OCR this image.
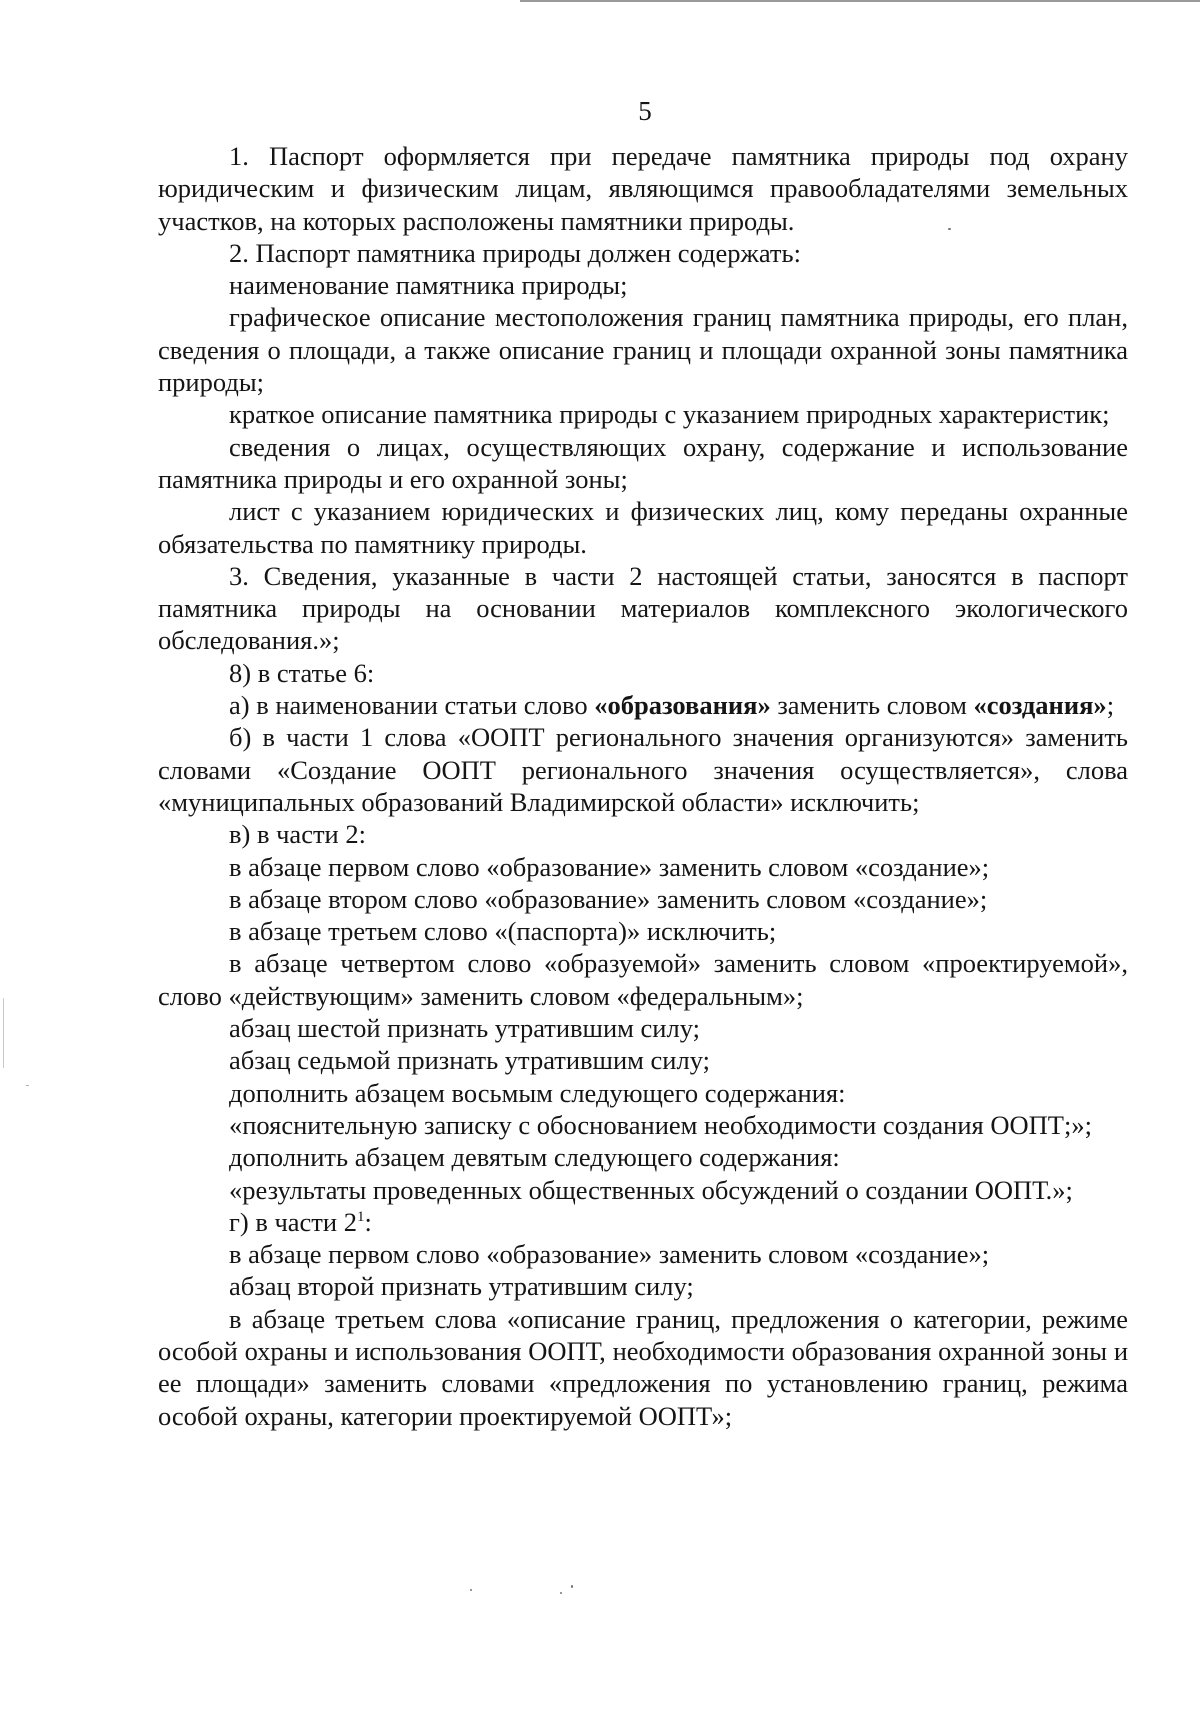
5

1. Паспорт оформляется при передаче памятника природы под охрану юридическим и физическим лицам, являющимся правообладателями земельных участков, на которых расположены памятники природы.

2. Паспорт памятника природы должен содержать:

наименование памятника природы;

графическое описание местоположения границ памятника природы, его план, сведения о площади, а также описание границ и площади охранной зоны памятника природы;

краткое описание памятника природы с указанием природных характеристик;

сведения о лицах, осуществляющих охрану, содержание и использование памятника природы и его охранной зоны;

лист с указанием юридических и физических лиц, кому переданы охранные обязательства по памятнику природы.

3. Сведения, указанные в части 2 настоящей статьи, заносятся в паспорт памятника природы на основании материалов комплексного экологического обследования.»;

8) в статье 6:

а) в наименовании статьи слово «образования» заменить словом «создания»;

б) в части 1 слова «ООПТ регионального значения организуются» заменить словами «Создание ООПТ регионального значения осуществляется», слова «муниципальных образований Владимирской области» исключить;

в) в части 2:

в абзаце первом слово «образование» заменить словом «создание»;

в абзаце втором слово «образование» заменить словом «создание»;

в абзаце третьем слово «(паспорта)» исключить;

в абзаце четвертом слово «образуемой» заменить словом «проектируемой», слово «действующим» заменить словом «федеральным»;

абзац шестой признать утратившим силу;

абзац седьмой признать утратившим силу;

дополнить абзацем восьмым следующего содержания:

«пояснительную записку с обоснованием необходимости создания ООПТ;»;

дополнить абзацем девятым следующего содержания:

«результаты проведенных общественных обсуждений о создании ООПТ.»;

г) в части $2^1$:

в абзаце первом слово «образование» заменить словом «создание»;

абзац второй признать утратившим силу;

в абзаце третьем слова «описание границ, предложения о категории, режиме особой охраны и использования ООПТ, необходимости образования охранной зоны и ее площади» заменить словами «предложения по установлению границ, режима особой охраны, категории проектируемой ООПТ»;
